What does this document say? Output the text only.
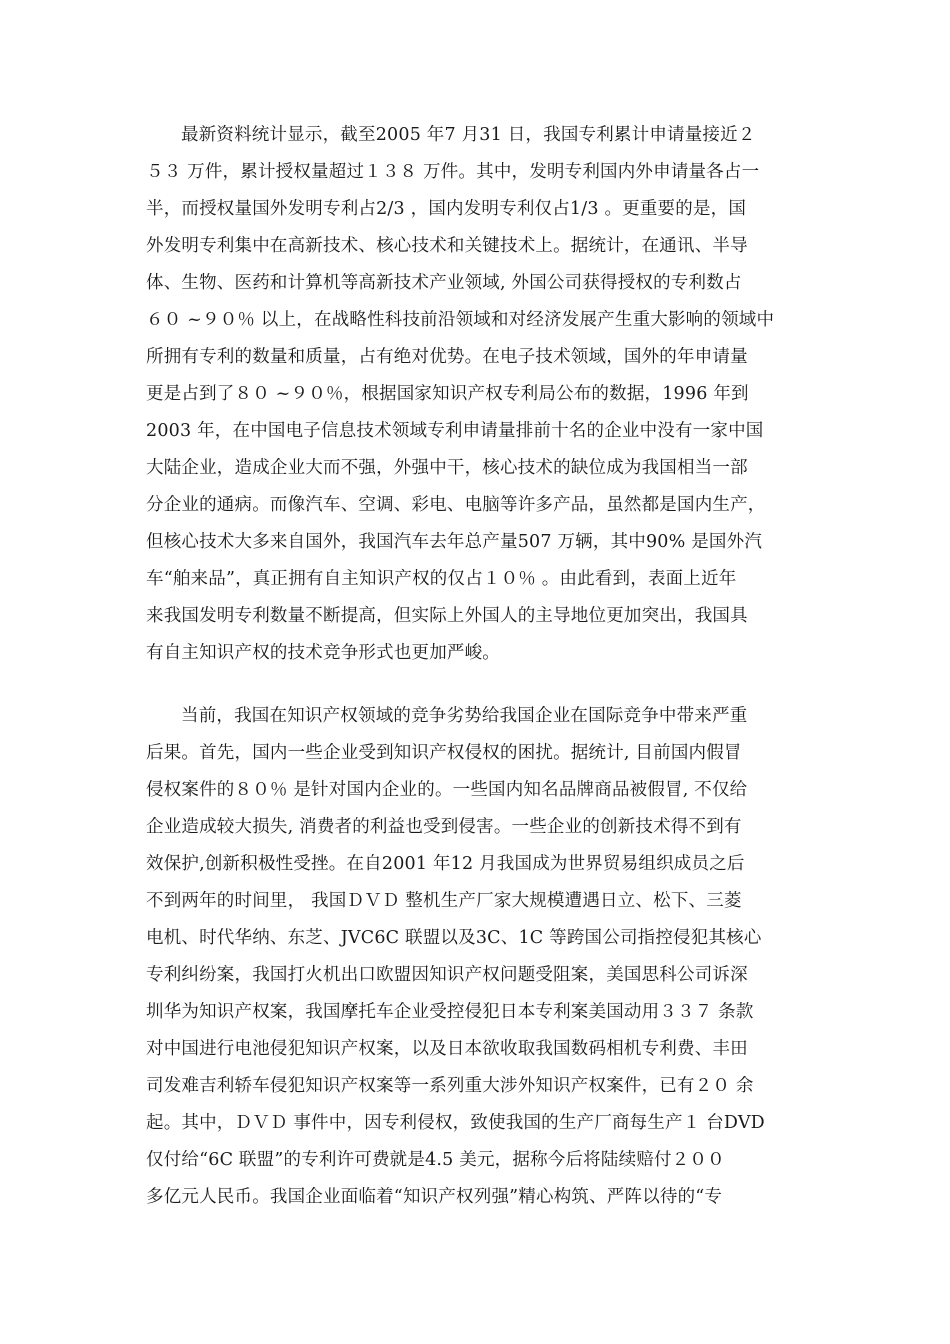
最新资料统计显示，截至2005 年7 月31 日，我国专利累计申请量接近２
５３ 万件，累计授权量超过１３８ 万件。其中，发明专利国内外申请量各占一
半，而授权量国外发明专利占2/3 ，国内发明专利仅占1/3 。更重要的是，国
外发明专利集中在高新技术、核心技术和关键技术上。据统计，在通讯、半导
体、生物、医药和计算机等高新技术产业领域, 外国公司获得授权的专利数占
６０ ~９０％ 以上，在战略性科技前沿领域和对经济发展产生重大影响的领域中
所拥有专利的数量和质量，占有绝对优势。在电子技术领域，国外的年申请量
更是占到了８０ ~９０％，根据国家知识产权专利局公布的数据，1996 年到
2003 年，在中国电子信息技术领域专利申请量排前十名的企业中没有一家中国
大陆企业，造成企业大而不强，外强中干，核心技术的缺位成为我国相当一部
分企业的通病。而像汽车、空调、彩电、电脑等许多产品，虽然都是国内生产，
但核心技术大多来自国外，我国汽车去年总产量507 万辆，其中90% 是国外汽
车“舶来品”，真正拥有自主知识产权的仅占１０％ 。由此看到，表面上近年
来我国发明专利数量不断提高，但实际上外国人的主导地位更加突出，我国具
有自主知识产权的技术竞争形式也更加严峻。
当前，我国在知识产权领域的竞争劣势给我国企业在国际竞争中带来严重
后果。首先，国内一些企业受到知识产权侵权的困扰。据统计, 目前国内假冒
侵权案件的８０％ 是针对国内企业的。一些国内知名品牌商品被假冒, 不仅给
企业造成较大损失, 消费者的利益也受到侵害。一些企业的创新技术得不到有
效保护,创新积极性受挫。在自2001 年12 月我国成为世界贸易组织成员之后
不到两年的时间里， 我国ＤＶＤ 整机生产厂家大规模遭遇日立、松下、三菱
电机、时代华纳、东芝、JVC6C 联盟以及3C、1C 等跨国公司指控侵犯其核心
专利纠纷案，我国打火机出口欧盟因知识产权问题受阻案，美国思科公司诉深
圳华为知识产权案，我国摩托车企业受控侵犯日本专利案美国动用３３７ 条款
对中国进行电池侵犯知识产权案，以及日本欲收取我国数码相机专利费、丰田
司发难吉利轿车侵犯知识产权案等一系列重大涉外知识产权案件，已有２０ 余
起。其中，ＤＶＤ 事件中，因专利侵权，致使我国的生产厂商每生产１ 台DVD
仅付给“6C 联盟”的专利许可费就是4.5 美元，据称今后将陆续赔付２００
多亿元人民币。我国企业面临着“知识产权列强”精心构筑、严阵以待的“专
